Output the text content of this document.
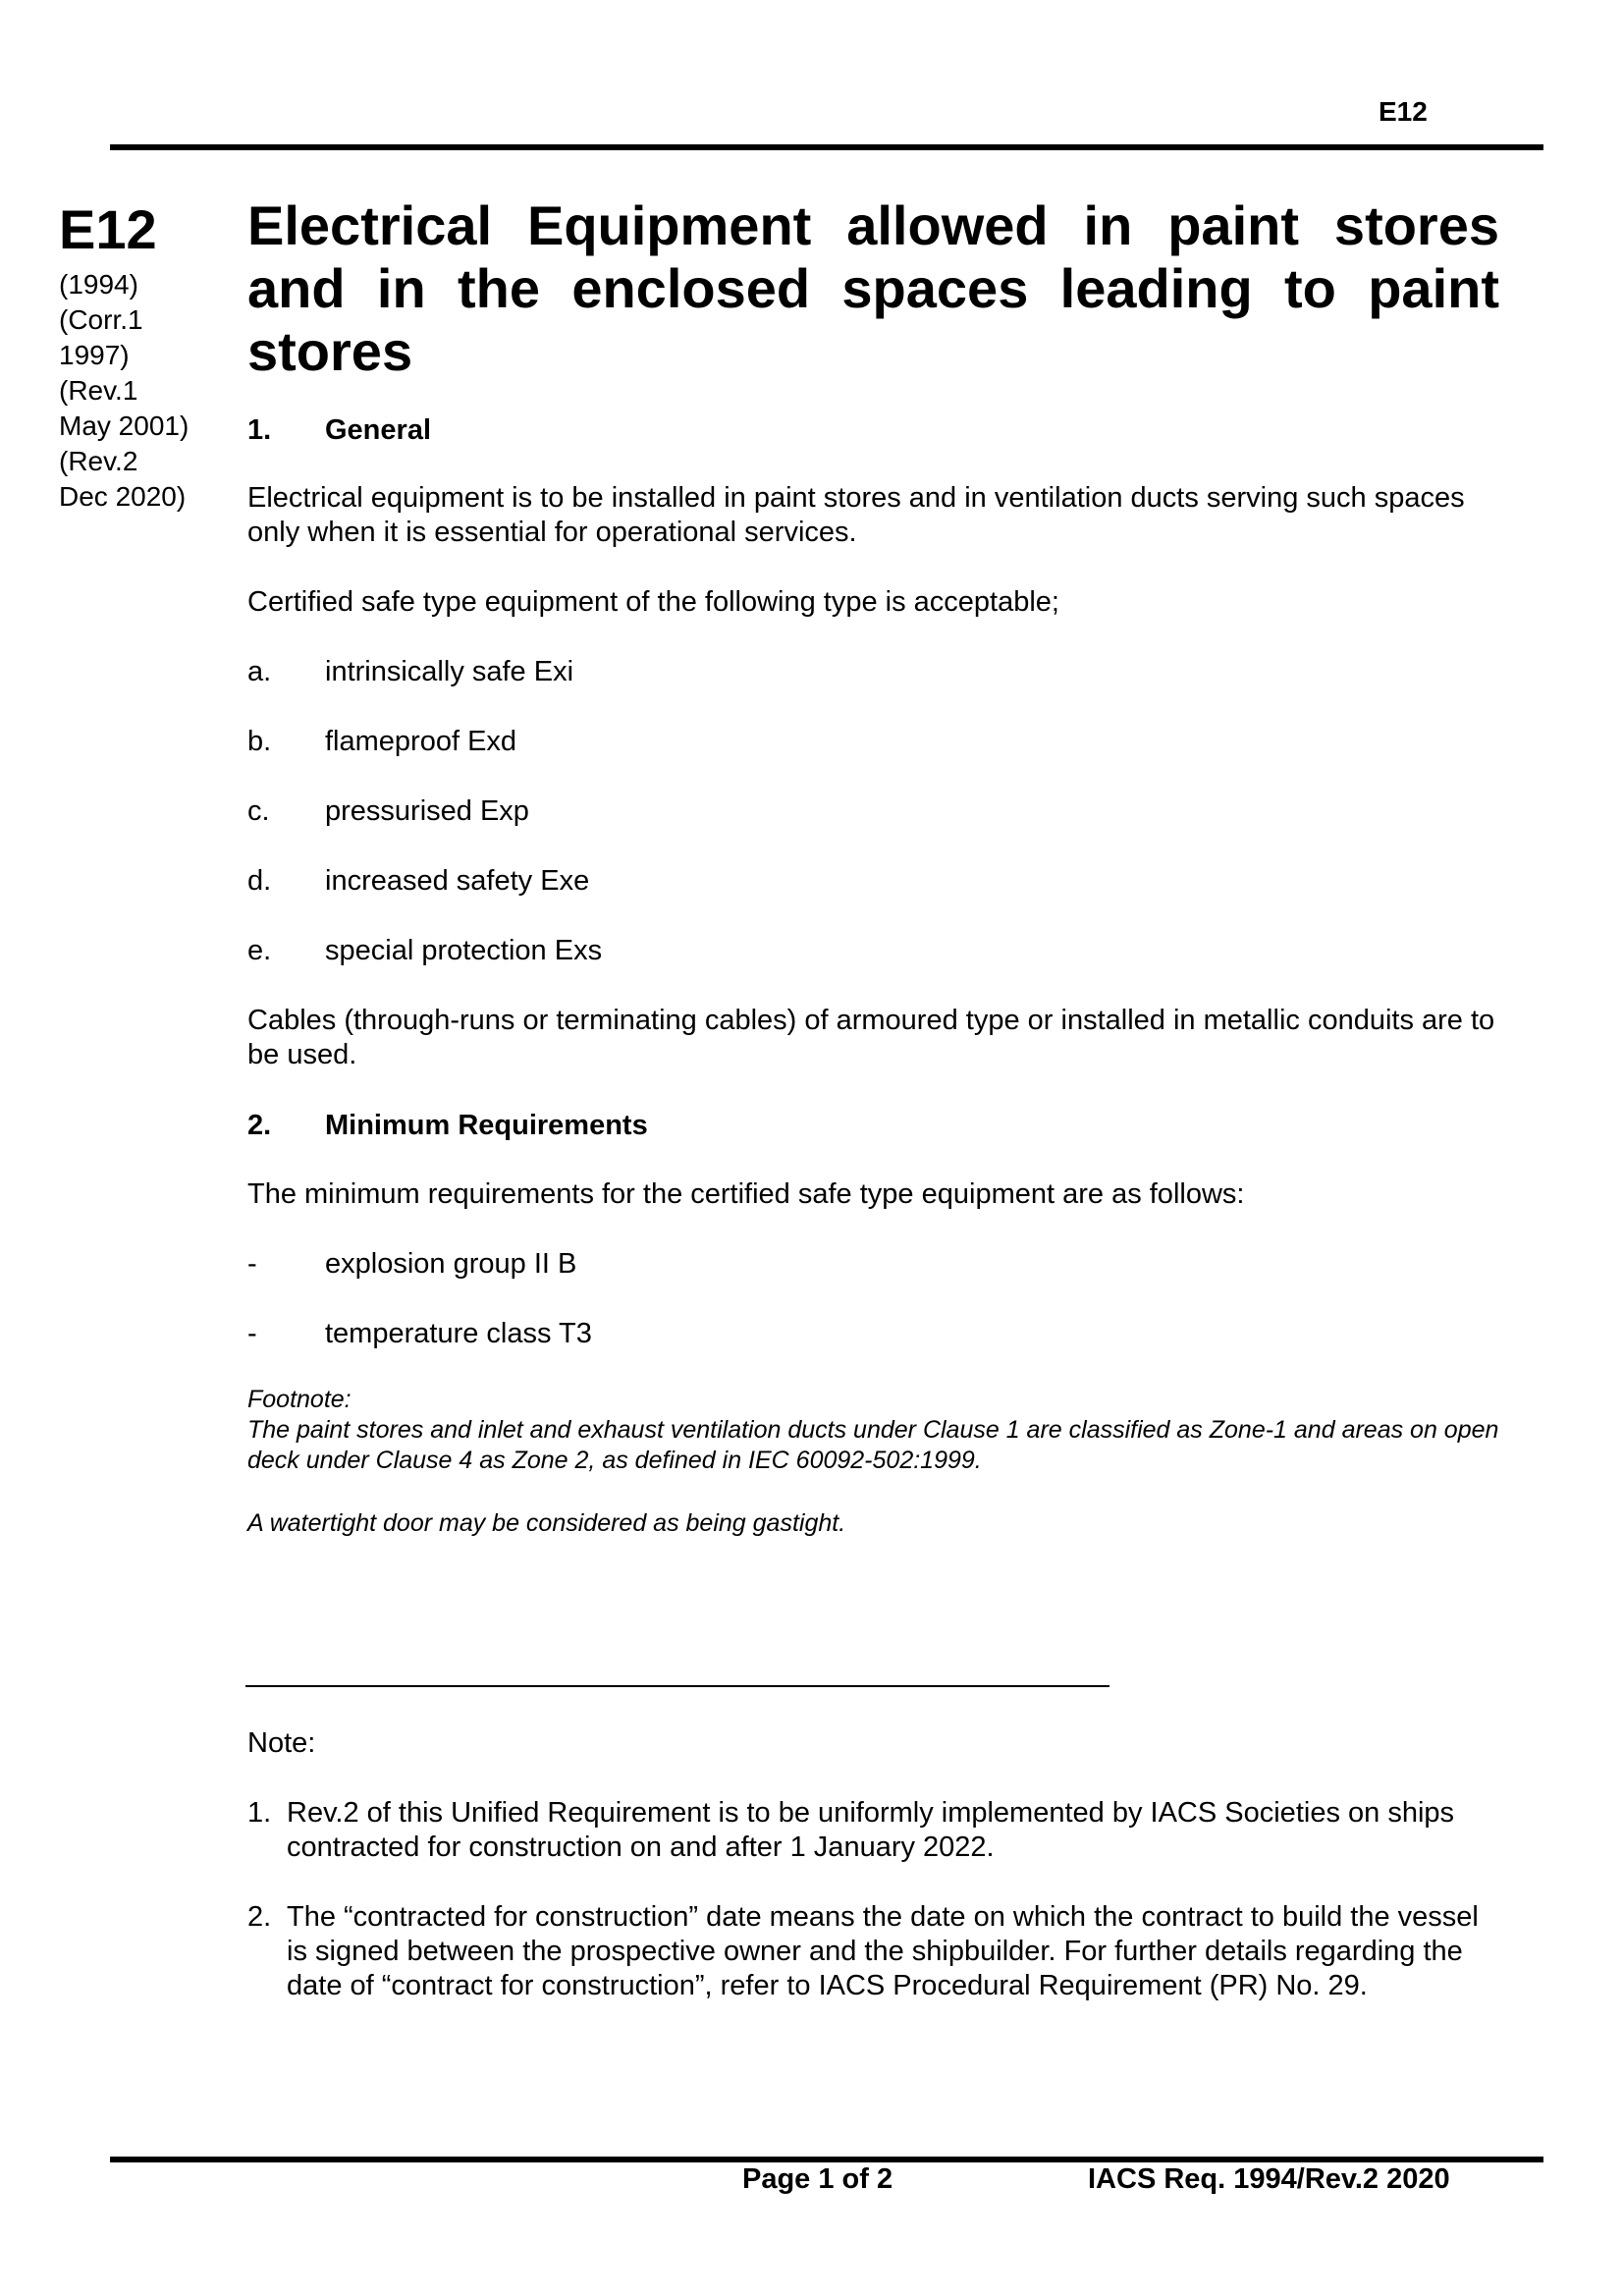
E12
E12
(1994)
(Corr.1
1997)
(Rev.1
May 2001)
(Rev.2
Dec 2020)
Electrical Equipment allowed in paint stores and in the enclosed spaces leading to paint stores
1.	General

Electrical equipment is to be installed in paint stores and in ventilation ducts serving such spaces only when it is essential for operational services.

Certified safe type equipment of the following type is acceptable;

a.	intrinsically safe Exi
b.	flameproof Exd
c.	pressurised Exp
d.	increased safety Exe
e.	special protection Exs

Cables (through-runs or terminating cables) of armoured type or installed in metallic conduits are to be used.

2.	Minimum Requirements

The minimum requirements for the certified safe type equipment are as follows:

-	explosion group II B
-	temperature class T3

Footnote:

The paint stores and inlet and exhaust ventilation ducts under Clause 1 are classified as Zone-1 and areas on open deck under Clause 4 as Zone 2, as defined in IEC 60092-502:1999.

A watertight door may be considered as being gastight.

Note:

1. Rev.2 of this Unified Requirement is to be uniformly implemented by IACS Societies on ships contracted for construction on and after 1 January 2022.
2. The “contracted for construction” date means the date on which the contract to build the vessel is signed between the prospective owner and the shipbuilder. For further details regarding the date of “contract for construction”, refer to IACS Procedural Requirement (PR) No. 29.
Page 1 of 2	IACS Req. 1994/Rev.2 2020
